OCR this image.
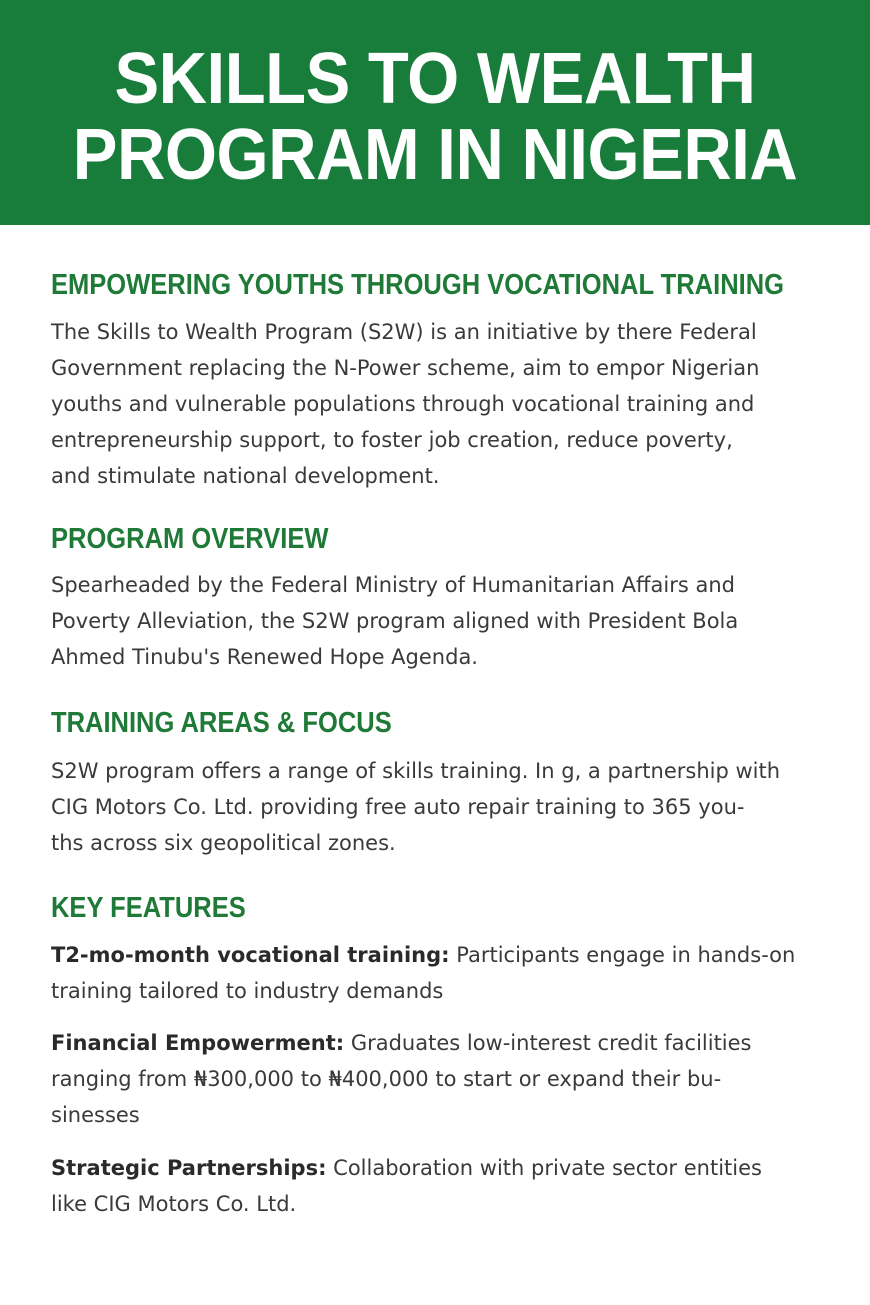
SKILLS TO WEALTH
PROGRAM IN NIGERIA
EMPOWERING YOUTHS THROUGH VOCATIONAL TRAINING

The Skills to Wealth Program (S2W) is an initiative by there Federal
Government replacing the N-Power scheme, aim to empor Nigerian
youths and vulnerable populations through vocational training and
entrepreneurship support, to foster job creation, reduce poverty,
and stimulate national development.

PROGRAM OVERVIEW

Spearheaded by the Federal Ministry of Humanitarian Affairs and
Poverty Alleviation, the S2W program aligned with President Bola
Ahmed Tinubu's Renewed Hope Agenda.

TRAINING AREAS & FOCUS

S2W program offers a range of skills training. In g, a partnership with
CIG Motors Co. Ltd. providing free auto repair training to 365 you-
ths across six geopolitical zones.

KEY FEATURES

T2-mo-month vocational training: Participants engage in hands-on
training tailored to industry demands

Financial Empowerment: Graduates low-interest credit facilities
ranging from ₦300,000 to ₦400,000 to start or expand their bu-
sinesses

Strategic Partnerships: Collaboration with private sector entities
like CIG Motors Co. Ltd.
